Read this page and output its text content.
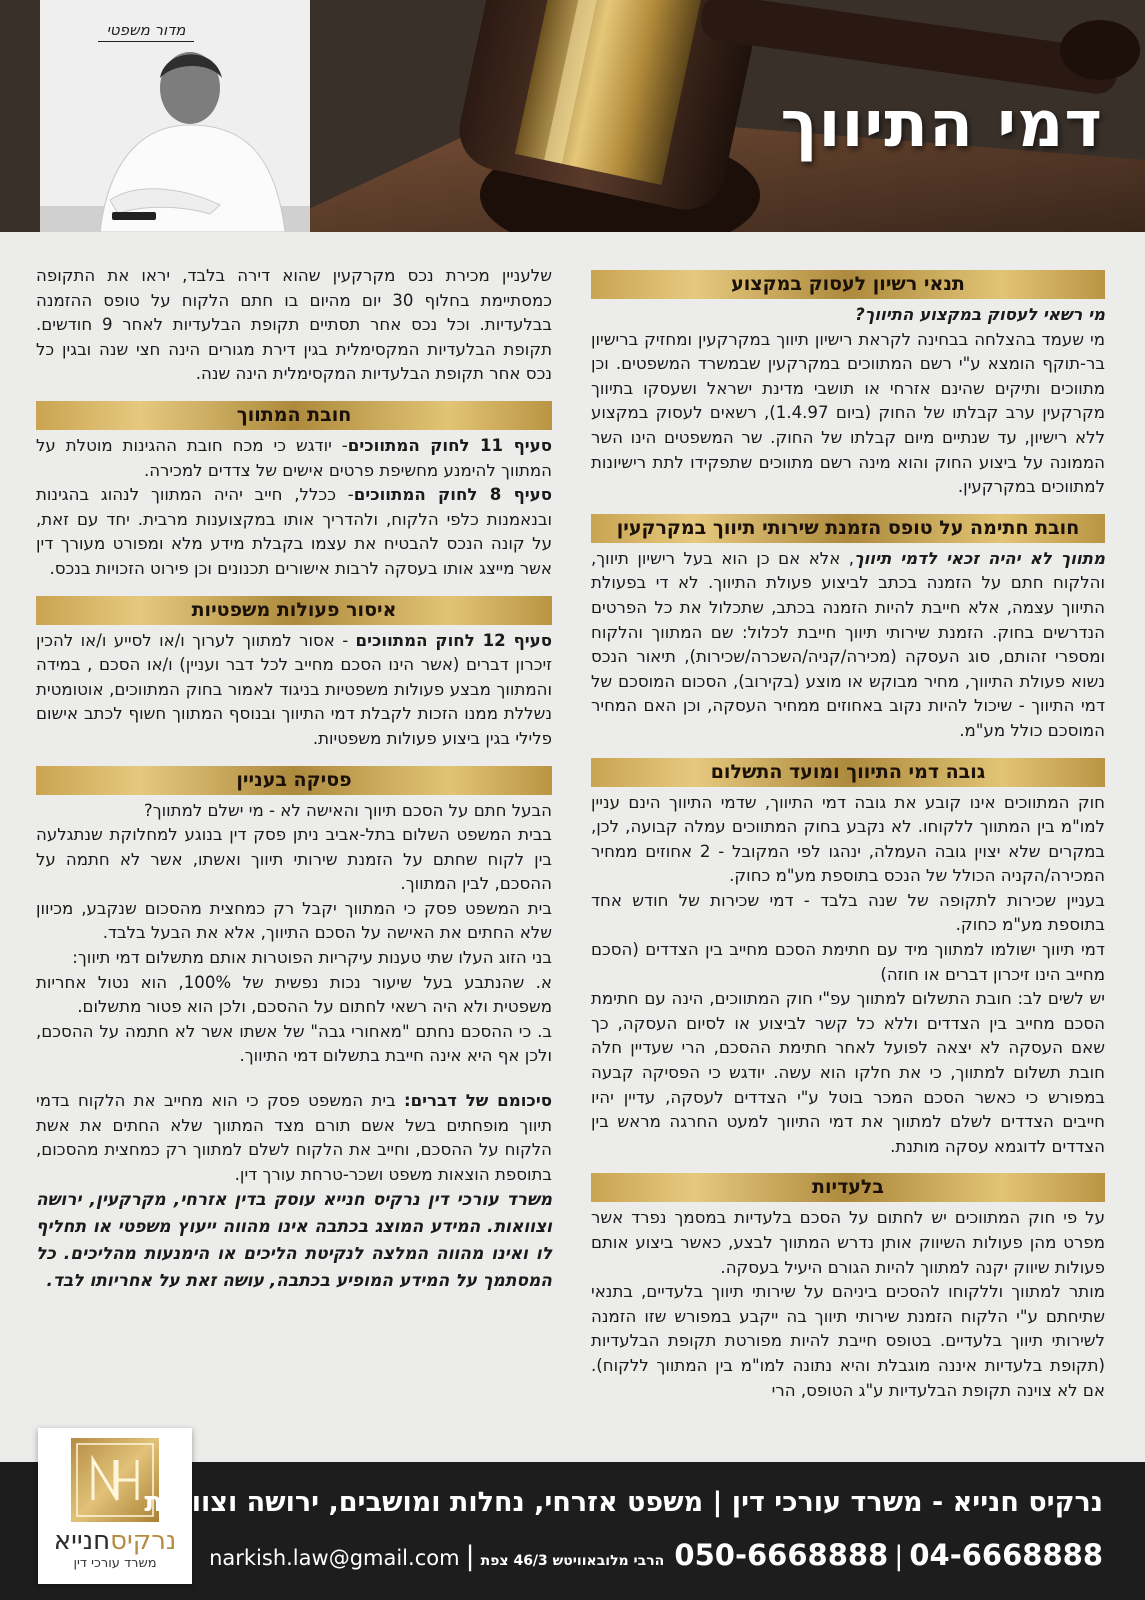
מדור משפטי
דמי התיווך
תנאי רשיון לעסוק במקצוע

מי רשאי לעסוק במקצוע התיווך?

מי שעמד בהצלחה בבחינה לקראת רישיון תיווך במקרקעין ומחזיק ברישיון בר-תוקף הומצא ע"י רשם המתווכים במקרקעין שבמשרד המשפטים. וכן מתווכים ותיקים שהינם אזרחי או תושבי מדינת ישראל ושעסקו בתיווך מקרקעין ערב קבלתו של החוק (ביום 1.4.97), רשאים לעסוק במקצוע ללא רישיון, עד שנתיים מיום קבלתו של החוק. שר המשפטים הינו השר הממונה על ביצוע החוק והוא מינה רשם מתווכים שתפקידו לתת רישיונות למתווכים במקרקעין.

חובת חתימה על טופס הזמנת שירותי תיווך במקרקעין

מתווך לא יהיה זכאי לדמי תיווך, אלא אם כן הוא בעל רישיון תיווך, והלקוח חתם על הזמנה בכתב לביצוע פעולת התיווך. לא די בפעולת התיווך עצמה, אלא חייבת להיות הזמנה בכתב, שתכלול את כל הפרטים הנדרשים בחוק. הזמנת שירותי תיווך חייבת לכלול: שם המתווך והלקוח ומספרי זהותם, סוג העסקה (מכירה/קניה/השכרה/שכירות), תיאור הנכס נשוא פעולת התיווך, מחיר מבוקש או מוצע (בקירוב), הסכום המוסכם של דמי התיווך - שיכול להיות נקוב באחוזים ממחיר העסקה, וכן האם המחיר המוסכם כולל מע"מ.

גובה דמי התיווך ומועד התשלום

חוק המתווכים אינו קובע את גובה דמי התיווך, שדמי התיווך הינם עניין למו"מ בין המתווך ללקוחו. לא נקבע בחוק המתווכים עמלה קבועה, לכן, במקרים שלא יצוין גובה העמלה, ינהגו לפי המקובל - 2 אחוזים ממחיר המכירה/הקניה הכולל של הנכס בתוספת מע"מ כחוק.

בעניין שכירות לתקופה של שנה בלבד - דמי שכירות של חודש אחד בתוספת מע"מ כחוק.

דמי תיווך ישולמו למתווך מיד עם חתימת הסכם מחייב בין הצדדים (הסכם מחייב הינו זיכרון דברים או חוזה)

יש לשים לב: חובת התשלום למתווך עפ"י חוק המתווכים, הינה עם חתימת הסכם מחייב בין הצדדים וללא כל קשר לביצוע או לסיום העסקה, כך שאם העסקה לא יצאה לפועל לאחר חתימת ההסכם, הרי שעדיין חלה חובת תשלום למתווך, כי את חלקו הוא עשה. יודגש כי הפסיקה קבעה במפורש כי כאשר הסכם המכר בוטל ע"י הצדדים לעסקה, עדיין יהיו חייבים הצדדים לשלם למתווך את דמי התיווך למעט החרגה מראש בין הצדדים לדוגמא עסקה מותנת.

בלעדיות

על פי חוק המתווכים יש לחתום על הסכם בלעדיות במסמך נפרד אשר מפרט מהן פעולות השיווק אותן נדרש המתווך לבצע, כאשר ביצוע אותם פעולות שיווק יקנה למתווך להיות הגורם היעיל בעסקה.

מותר למתווך וללקוחו להסכים ביניהם על שירותי תיווך בלעדיים, בתנאי שתיחתם ע"י הלקוח הזמנת שירותי תיווך בה ייקבע במפורש שזו הזמנה לשירותי תיווך בלעדיים. בטופס חייבת להיות מפורטת תקופת הבלעדיות (תקופת בלעדיות איננה מוגבלת והיא נתונה למו"מ בין המתווך ללקוח). אם לא צוינה תקופת הבלעדיות ע"ג הטופס, הרי

שלעניין מכירת נכס מקרקעין שהוא דירה בלבד, יראו את התקופה כמסתיימת בחלוף 30 יום מהיום בו חתם הלקוח על טופס ההזמנה בבלעדיות. וכל נכס אחר תסתיים תקופת הבלעדיות לאחר 9 חודשים. תקופת הבלעדיות המקסימלית בגין דירת מגורים הינה חצי שנה ובגין כל נכס אחר תקופת הבלעדיות המקסימלית הינה שנה.

חובת המתווך

סעיף 11 לחוק המתווכים- יודגש כי מכח חובת ההגינות מוטלת על המתווך להימנע מחשיפת פרטים אישים של צדדים למכירה.

סעיף 8 לחוק המתווכים- ככלל, חייב יהיה המתווך לנהוג בהגינות ובנאמנות כלפי הלקוח, ולהדריך אותו במקצוענות מרבית. יחד עם זאת, על קונה הנכס להבטיח את עצמו בקבלת מידע מלא ומפורט מעורך דין אשר מייצג אותו בעסקה לרבות אישורים תכנונים וכן פירוט הזכויות בנכס.

איסור פעולות משפטיות

סעיף 12 לחוק המתווכים - אסור למתווך לערוך ו/או לסייע ו/או להכין זיכרון דברים (אשר הינו הסכם מחייב לכל דבר ועניין) ו/או הסכם , במידה והמתווך מבצע פעולות משפטיות בניגוד לאמור בחוק המתווכים, אוטומטית נשללת ממנו הזכות לקבלת דמי התיווך ובנוסף המתווך חשוף לכתב אישום פלילי בגין ביצוע פעולות משפטיות.

פסיקה בעניין

הבעל חתם על הסכם תיווך והאישה לא - מי ישלם למתווך?

בבית המשפט השלום בתל-אביב ניתן פסק דין בנוגע למחלוקת שנתגלעה בין לקוח שחתם על הזמנת שירותי תיווך ואשתו, אשר לא חתמה על ההסכם, לבין המתווך.

בית המשפט פסק כי המתווך יקבל רק כמחצית מהסכום שנקבע, מכיוון שלא החתים את האישה על הסכם התיווך, אלא את הבעל בלבד.

בני הזוג העלו שתי טענות עיקריות הפוטרות אותם מתשלום דמי תיווך:

א. שהנתבע בעל שיעור נכות נפשית של 100%, הוא נטול אחריות משפטית ולא היה רשאי לחתום על ההסכם, ולכן הוא פטור מתשלום.

ב. כי ההסכם נחתם "מאחורי גבה" של אשתו אשר לא חתמה על ההסכם, ולכן אף היא אינה חייבת בתשלום דמי התיווך.

סיכומם של דברים: בית המשפט פסק כי הוא מחייב את הלקוח בדמי תיווך מופחתים בשל אשם תורם מצד המתווך שלא החתים את אשת הלקוח על ההסכם, וחייב את הלקוח לשלם למתווך רק כמחצית מהסכום, בתוספת הוצאות משפט ושכר-טרחת עורך דין.

משרד עורכי דין נרקיס חנייא עוסק בדין אזרחי, מקרקעין, ירושה וצוואות. המידע המוצג בכתבה אינו מהווה ייעוץ משפטי או תחליף לו ואינו מהווה המלצה לנקיטת הליכים או הימנעות מהליכים. כל המסתמך על המידע המופיע בכתבה, עושה זאת על אחריותו לבד.

נרקיסחנייא
משרד עורכי דין
נרקיס חנייא - משרד עורכי דין | משפט אזרחי, נחלות ומושבים, ירושה וצוואות
04-6668888|050-6668888  הרבי מלובאוויטש 46/3 צפת|narkish.law@gmail.com
